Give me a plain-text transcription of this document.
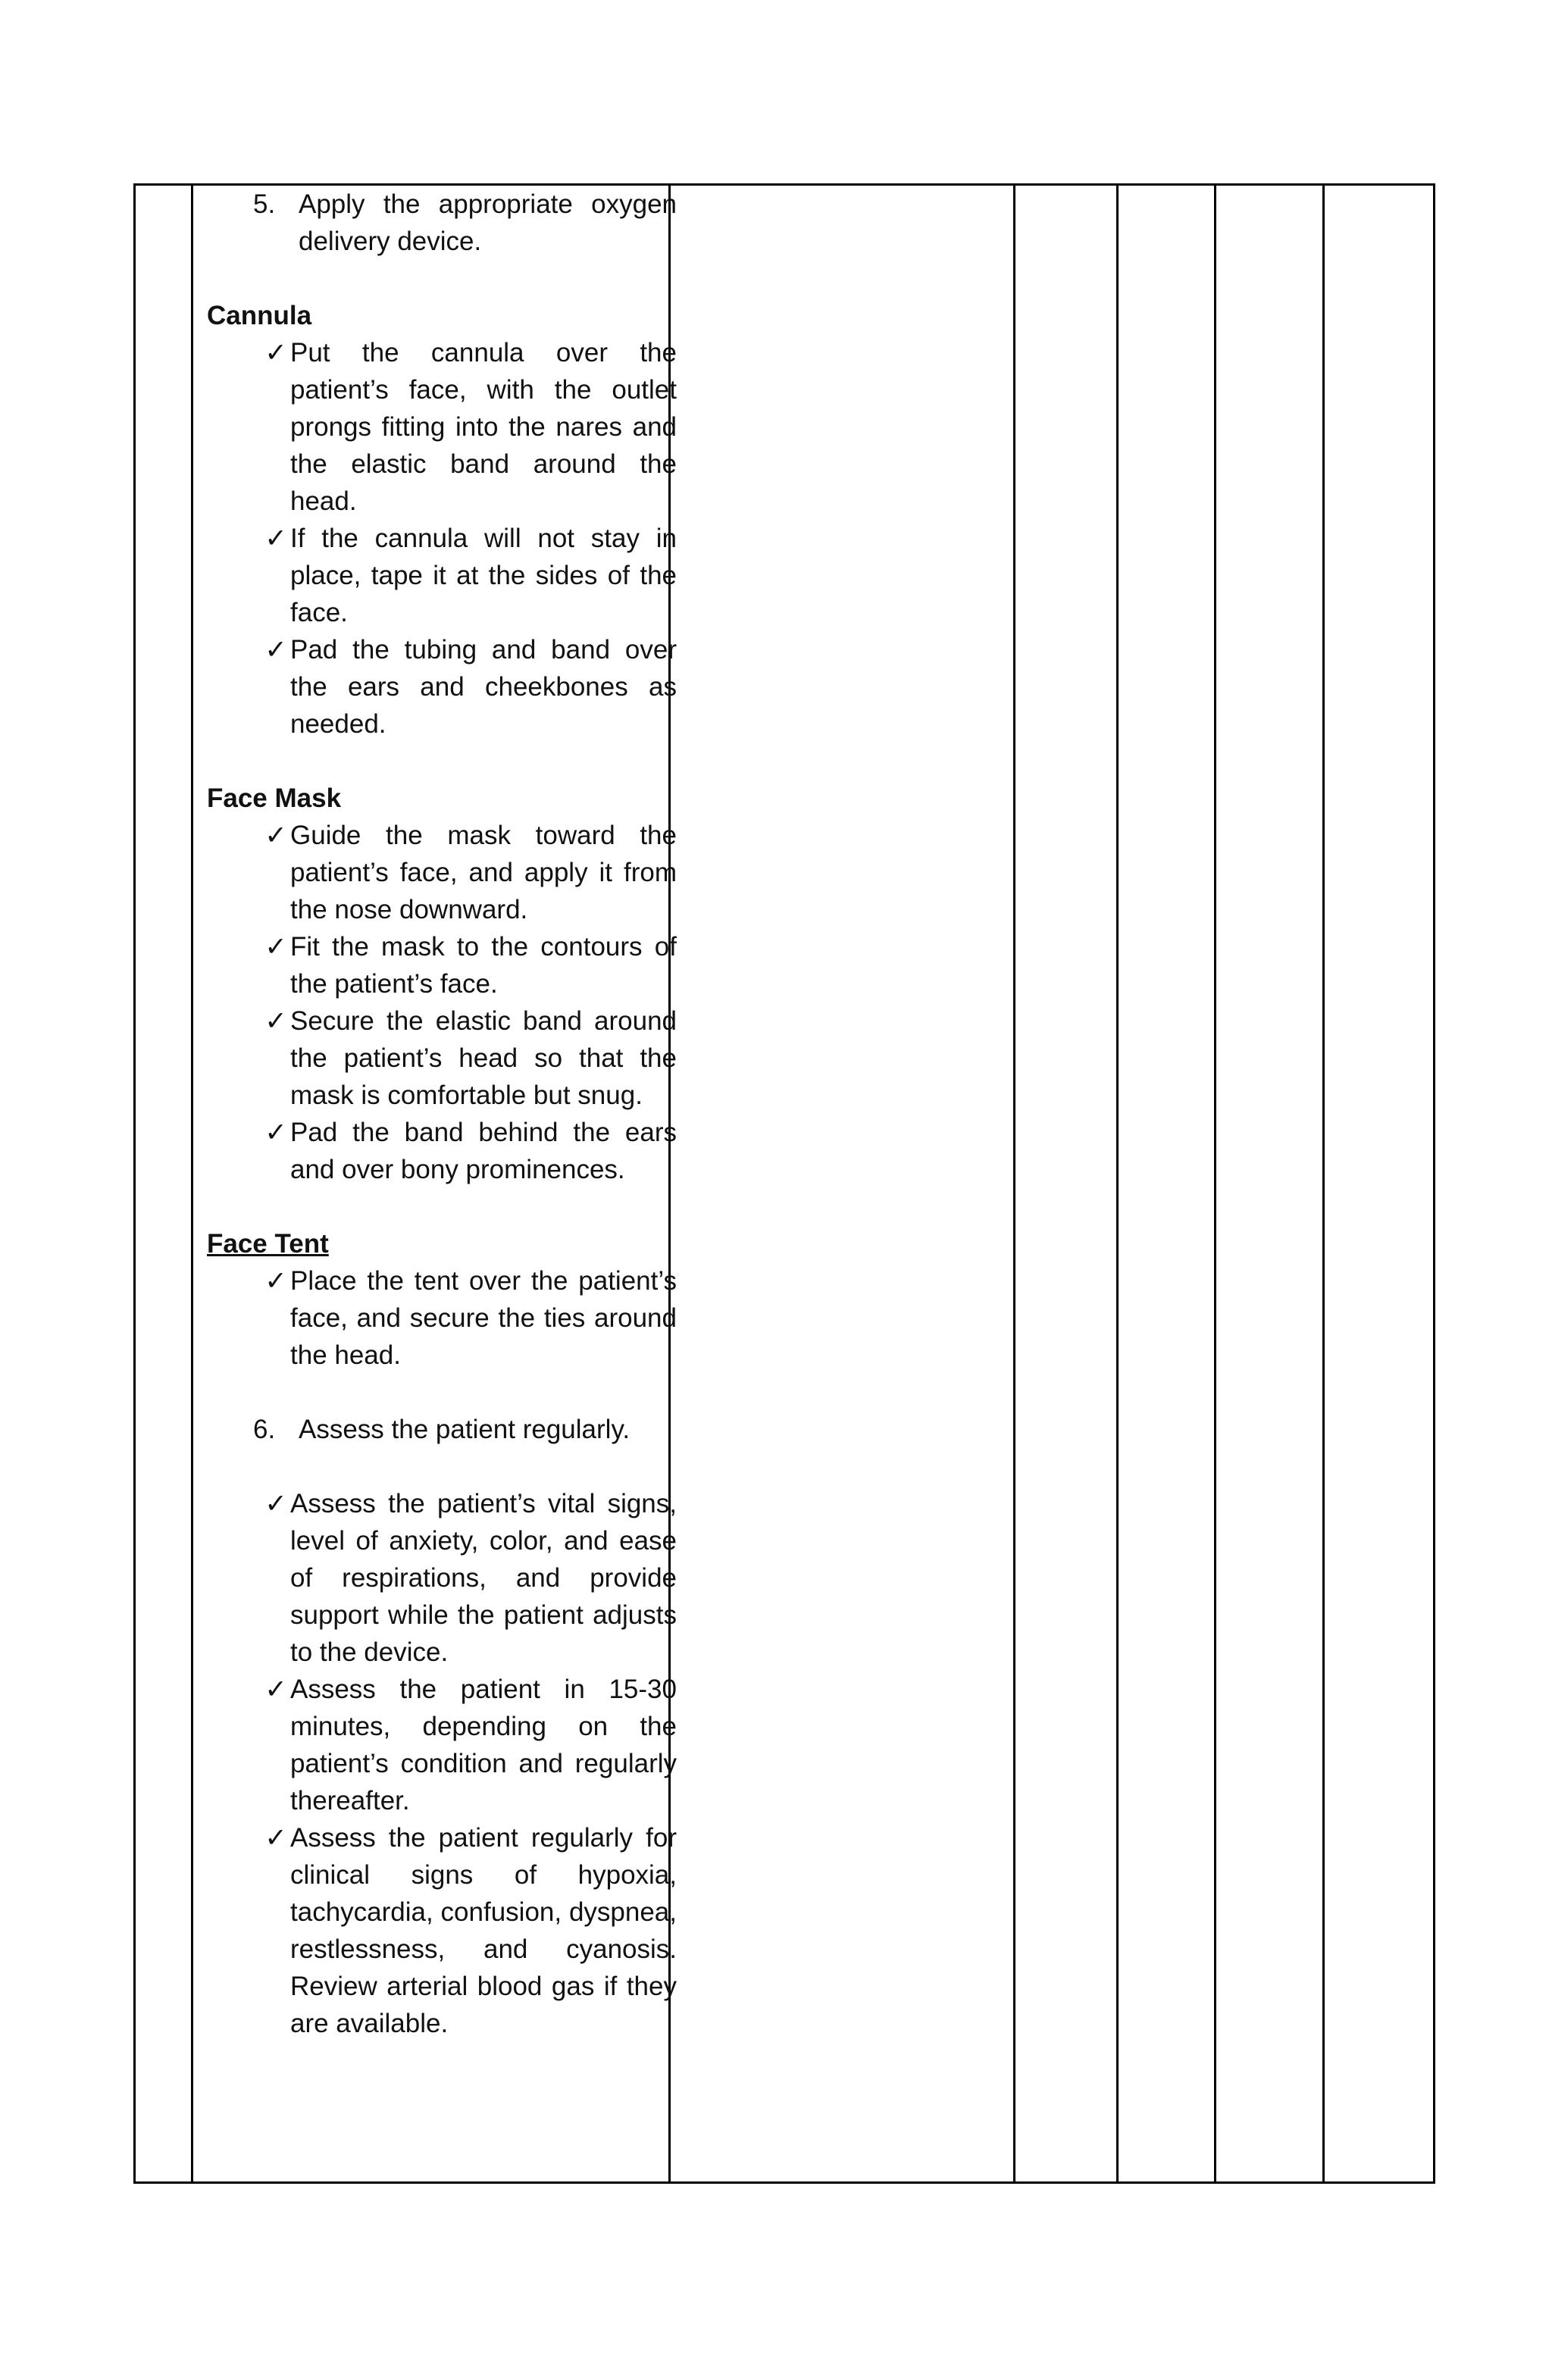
5. Apply the appropriate oxygen delivery device.
Cannula
✓ Put the cannula over the patient’s face, with the outlet prongs fitting into the nares and the elastic band around the head.
✓ If the cannula will not stay in place, tape it at the sides of the face.
✓ Pad the tubing and band over the ears and cheekbones as needed.
Face Mask
✓ Guide the mask toward the patient’s face, and apply it from the nose downward.
✓ Fit the mask to the contours of the patient’s face.
✓ Secure the elastic band around the patient’s head so that the mask is comfortable but snug.
✓ Pad the band behind the ears and over bony prominences.
Face Tent
✓ Place the tent over the patient’s face, and secure the ties around the head.
6. Assess the patient regularly.
✓ Assess the patient’s vital signs, level of anxiety, color, and ease of respirations, and provide support while the patient adjusts to the device.
✓ Assess the patient in 15-30 minutes, depending on the patient’s condition and regularly thereafter.
✓ Assess the patient regularly for clinical signs of hypoxia, tachycardia, confusion, dyspnea, restlessness, and cyanosis. Review arterial blood gas if they are available.
